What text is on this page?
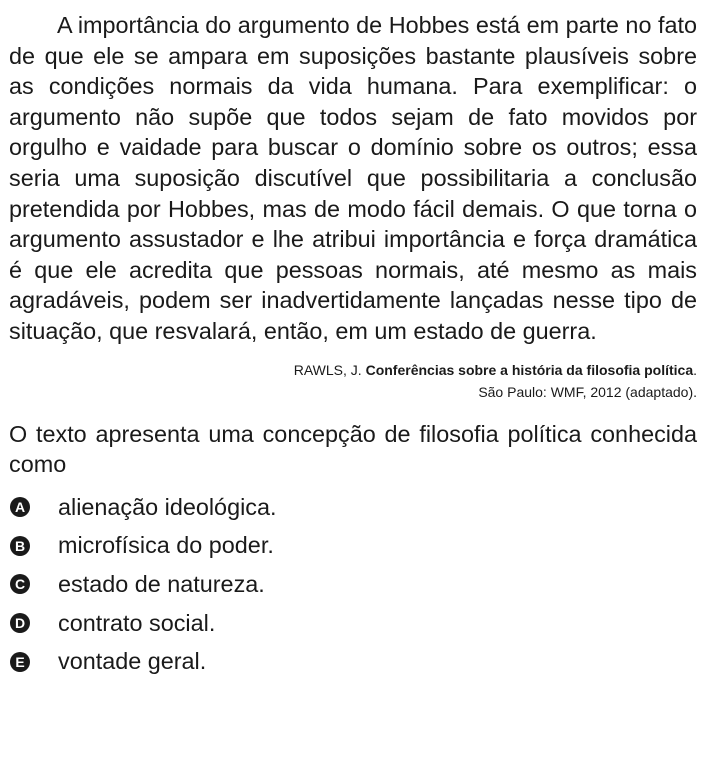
A importância do argumento de Hobbes está em parte no fato de que ele se ampara em suposições bastante plausíveis sobre as condições normais da vida humana. Para exemplificar: o argumento não supõe que todos sejam de fato movidos por orgulho e vaidade para buscar o domínio sobre os outros; essa seria uma suposição discutível que possibilitaria a conclusão pretendida por Hobbes, mas de modo fácil demais. O que torna o argumento assustador e lhe atribui importância e força dramática é que ele acredita que pessoas normais, até mesmo as mais agradáveis, podem ser inadvertidamente lançadas nesse tipo de situação, que resvalará, então, em um estado de guerra.

RAWLS, J. Conferências sobre a história da filosofia política.
São Paulo: WMF, 2012 (adaptado).
O texto apresenta uma concepção de filosofia política conhecida como
A alienação ideológica.
B microfísica do poder.
C estado de natureza.
D contrato social.
E vontade geral.
